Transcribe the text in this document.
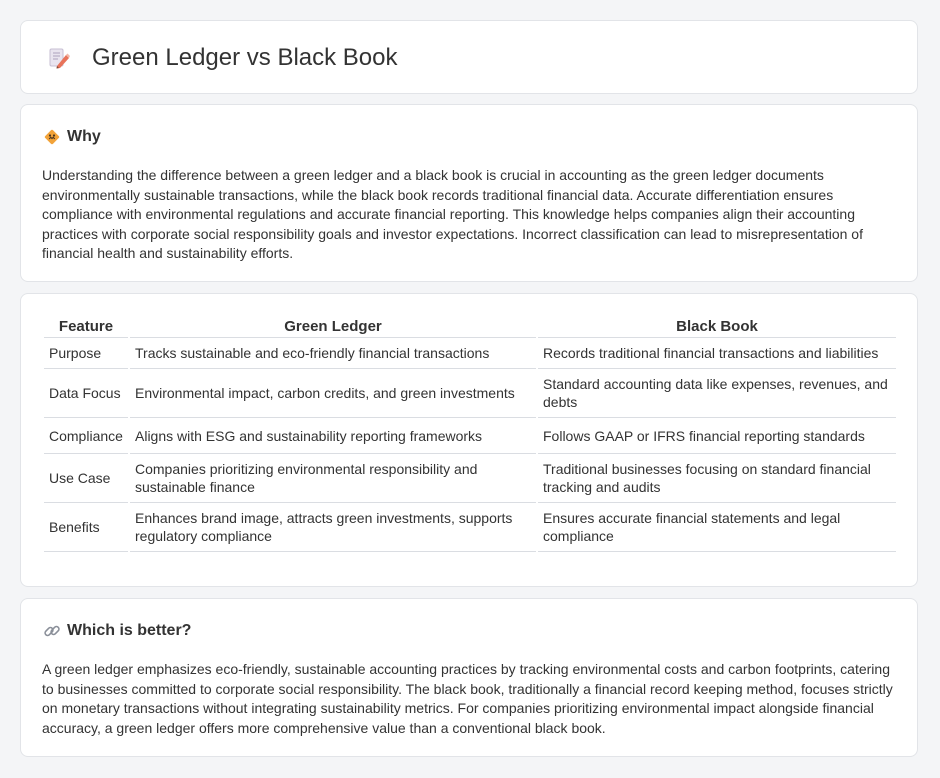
Green Ledger vs Black Book
Why

Understanding the difference between a green ledger and a black book is crucial in accounting as the green ledger documents environmentally sustainable transactions, while the black book records traditional financial data. Accurate differentiation ensures compliance with environmental regulations and accurate financial reporting. This knowledge helps companies align their accounting practices with corporate social responsibility goals and investor expectations. Incorrect classification can lead to misrepresentation of financial health and sustainability efforts.

Feature	Green Ledger	Black Book
Purpose	Tracks sustainable and eco-friendly financial transactions	Records traditional financial transactions and liabilities
Data Focus	Environmental impact, carbon credits, and green investments	Standard accounting data like expenses, revenues, and debts
Compliance	Aligns with ESG and sustainability reporting frameworks	Follows GAAP or IFRS financial reporting standards
Use Case	Companies prioritizing environmental responsibility and sustainable finance	Traditional businesses focusing on standard financial tracking and audits
Benefits	Enhances brand image, attracts green investments, supports regulatory compliance	Ensures accurate financial statements and legal compliance
Which is better?

A green ledger emphasizes eco-friendly, sustainable accounting practices by tracking environmental costs and carbon footprints, catering to businesses committed to corporate social responsibility. The black book, traditionally a financial record keeping method, focuses strictly on monetary transactions without integrating sustainability metrics. For companies prioritizing environmental impact alongside financial accuracy, a green ledger offers more comprehensive value than a conventional black book.
